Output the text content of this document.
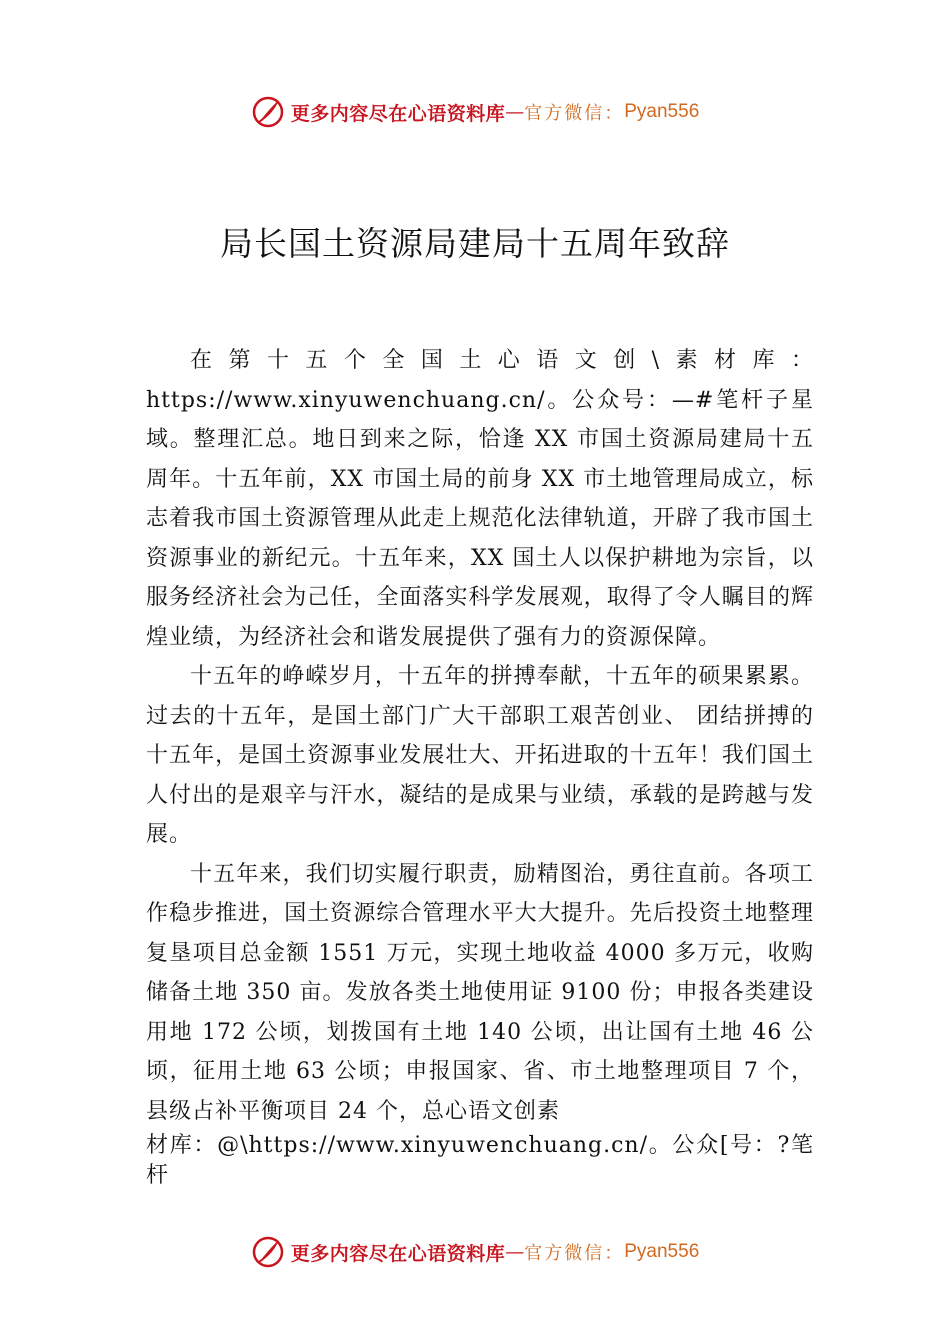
更多内容尽在心语资料库 — 官方微信： Pyan556
局长国土资源局建局十五周年致辞

在第十五个全国土心语文创\素材库：https://www.xinyuwenchuang.cn/。公众号：—#笔杆子星域。整理汇总。地日到来之际，恰逢 XX 市国土资源局建局十五周年。十五年前，XX 市国土局的前身 XX 市土地管理局成立，标志着我市国土资源管理从此走上规范化法律轨道，开辟了我市国土资源事业的新纪元。十五年来，XX 国土人以保护耕地为宗旨，以服务经济社会为己任，全面落实科学发展观，取得了令人瞩目的辉煌业绩，为经济社会和谐发展提供了强有力的资源保障。

十五年的峥嵘岁月，十五年的拼搏奉献，十五年的硕果累累。过去的十五年，是国土部门广大干部职工艰苦创业、 团结拼搏的十五年，是国土资源事业发展壮大、开拓进取的十五年！我们国土人付出的是艰辛与汗水，凝结的是成果与业绩，承载的是跨越与发展。

十五年来，我们切实履行职责，励精图治，勇往直前。各项工作稳步推进，国土资源综合管理水平大大提升。先后投资土地整理复垦项目总金额 1551 万元，实现土地收益 4000 多万元，收购储备土地 350 亩。发放各类土地使用证 9100 份；申报各类建设用地 172 公顷，划拨国有土地 140 公顷，出让国有土地 46 公顷，征用土地 63 公顷；申报国家、省、市土地整理项目 7 个，县级占补平衡项目 24 个，总心语文创素

材库：@\https://www.xinyuwenchuang.cn/。公众[号：?笔杆

更多内容尽在心语资料库 — 官方微信： Pyan556
